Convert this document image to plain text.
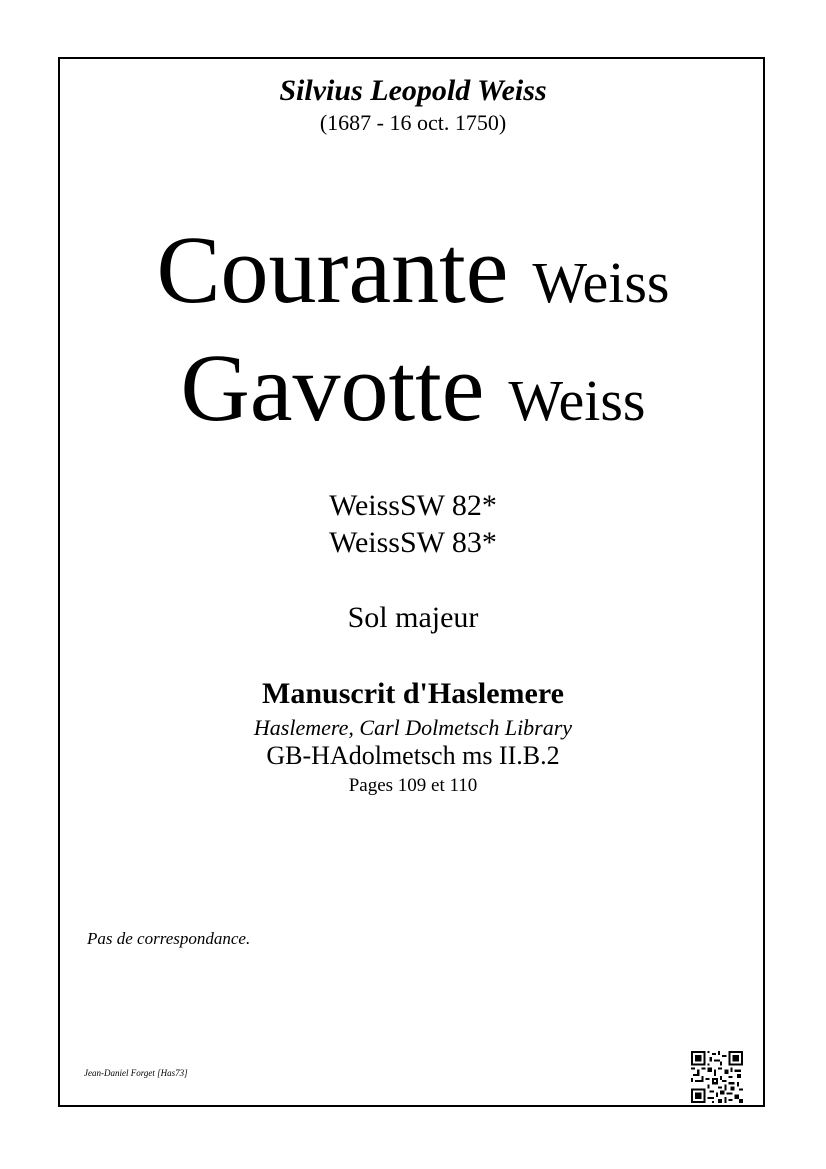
Silvius Leopold Weiss
(1687 - 16 oct. 1750)
Courante Weiss
Gavotte Weiss
WeissSW 82*
WeissSW 83*
Sol majeur
Manuscrit d'Haslemere
Haslemere, Carl Dolmetsch Library
GB-HAdolmetsch ms II.B.2
Pages 109 et 110
Pas de correspondance.
Jean-Daniel Forget [Has73]
